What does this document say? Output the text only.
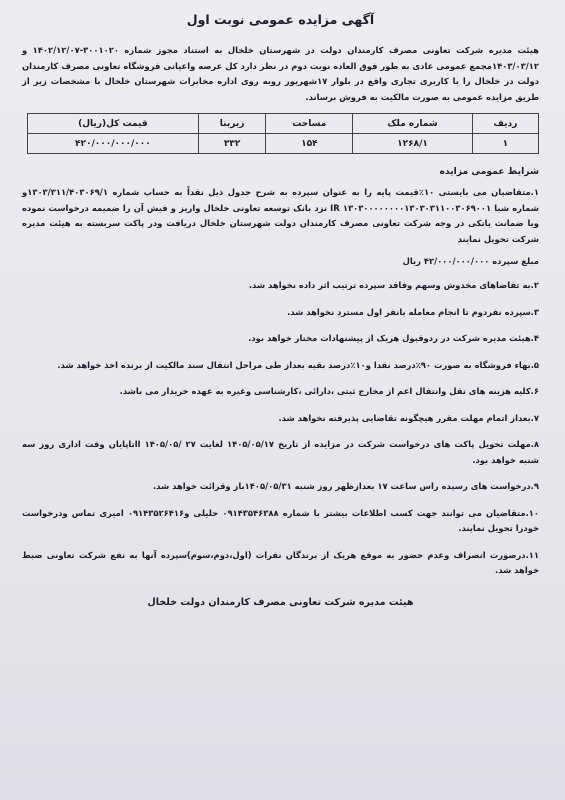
آگهی مزایده عمومی نوبت اول

هیئت مدیره شرکت تعاونی مصرف کارمندان دولت در شهرستان خلخال به استناد مجوز شماره ۳۰۰۱۰۲۰-۱۴۰۲/۱۲/۰۷ و ۱۴۰۳/۰۳/۱۲مجمع عمومی عادی به طور فوق العاده نوبت دوم در نظر دارد کل عرصه واعیانی فروشگاه تعاونی مصرف کارمندان دولت در خلخال را با کاربری تجاری واقع در بلوار ۱۷شهریور روبه روی اداره مخابرات شهرستان خلخال با مشخصات زیر از طریق مزایده عمومی به صورت مالکیت به فروش برساند.

ردیف	شماره ملک	مساحت	زیربنا	قیمت کل(ریال)
۱	۱۲۶۸/۱	۱۵۴	۳۳۲	۴۲۰/۰۰۰/۰۰۰/۰۰۰
شرایط عمومی مزایده

۱.متقاضیان می بایستی ۱۰٪قیمت پایه را به عنوان سپرده به شرح جدول ذیل نقداً به حساب شماره ۱۳۰۳/۳۱۱/۴۰۳۰۶۹/۱و شماره شبا ۱۳۰۳۰۰۰۰۰۰۰۰۱۳۰۳۰۳۱۱۰۰۳۰۶۹۰۰۱ IR نزد بانک توسعه تعاونی خلخال واریز و فیش آن را ضمیمه درخواست نموده ویا ضمانت بانکی در وجه شرکت تعاونی مصرف کارمندان دولت شهرستان خلخال دریافت ودر پاکت سربسته به هیئت مدیره شرکت تحویل نمایند

مبلغ سپرده ۴۲/۰۰۰/۰۰۰/۰۰۰ ریال

۲.به تقاضاهای مخدوش وسهم وفاقد سپرده ترتیب اثر داده نخواهد شد.

۳.سپرده نفردوم تا انجام معامله بانفر اول مسترد نخواهد شد.

۴.هیئت مدیره شرکت در ردوقبول هریک از پیشنهادات مختار خواهد بود.

۵.بهاء فروشگاه به صورت ۹۰٪درصد نقدا و۱۰٪درصد بقیه بعداز طی مراحل انتقال سند مالکیت از برنده اخذ خواهد شد.

۶.کلیه هزینه های نقل وانتقال اعم از مخارج ثبتی ،دارائی ،کارشناسی وغیره به عهده خریدار می باشد.

۷.بعداز اتمام مهلت مقرر هیچگونه تقاضایی پذیرفته نخواهد شد.

۸.مهلت تحویل پاکت های درخواست شرکت در مزایده از تاریخ ۱۴۰۵/۰۵/۱۷ لغایت ۲۷ /۱۴۰۵/۰۵ ااتاپایان وقت اداری روز سه شنبه خواهد بود.

۹.درخواست های رسیده راس ساعت ۱۷ بعدازظهر روز شنبه ۱۴۰۵/۰۵/۳۱باز وقرائت خواهد شد.

۱۰.متقاضیان می توانند جهت کسب اطلاعات بیشتر با شماره ۰۹۱۴۳۵۴۶۳۸۸ حلیلی و۰۹۱۴۳۵۲۶۴۱۶ امیری تماس ودرخواست خودرا تحویل نمایند.

۱۱.درصورت انصراف وعدم حضور به موقع هریک از برندگان نفرات (اول،دوم،سوم)سپرده آنها به نفع شرکت تعاونی ضبط خواهد شد.

هیئت مدیره شرکت تعاونی مصرف کارمندان دولت خلخال
